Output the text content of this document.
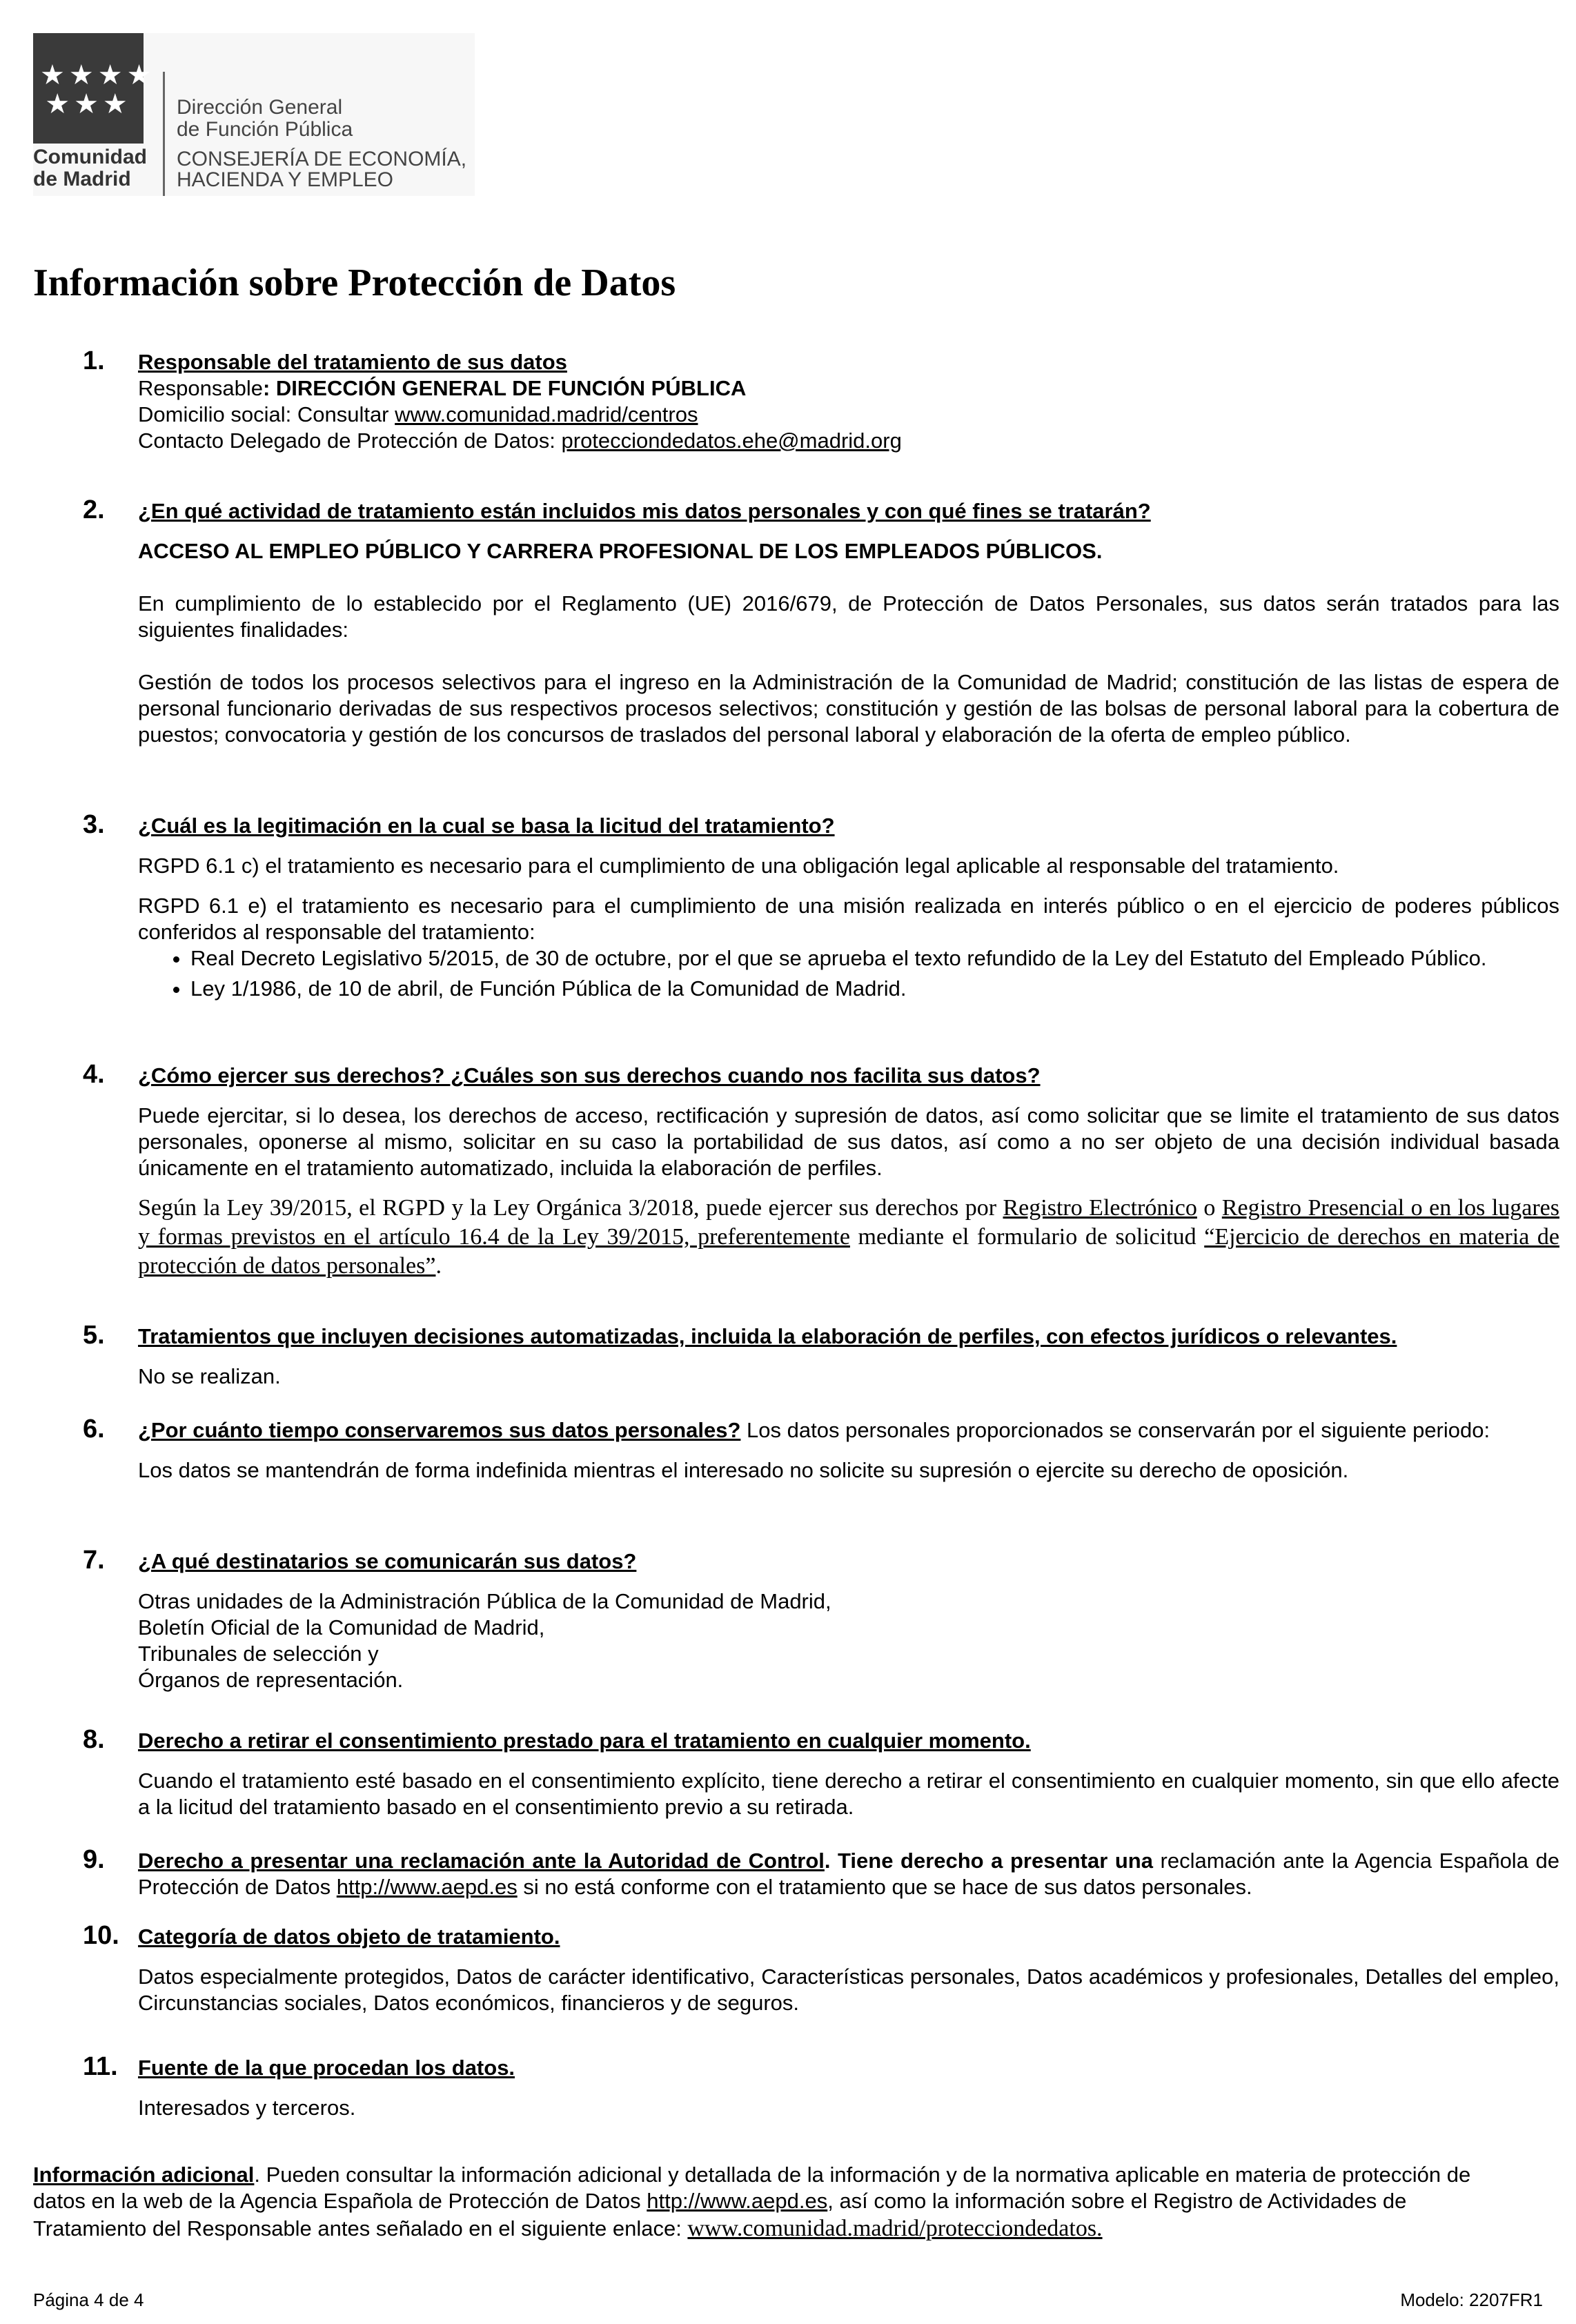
★★★★
★★★
Comunidad
de Madrid
Dirección General
de Función Pública
CONSEJERÍA DE ECONOMÍA,
HACIENDA Y EMPLEO
Información sobre Protección de Datos
1. Responsable del tratamiento de sus datos

Responsable: DIRECCIÓN GENERAL DE FUNCIÓN PÚBLICA

Domicilio social: Consultar www.comunidad.madrid/centros

Contacto Delegado de Protección de Datos: protecciondedatos.ehe@madrid.org

2. ¿En qué actividad de tratamiento están incluidos mis datos personales y con qué fines se tratarán?

ACCESO AL EMPLEO PÚBLICO Y CARRERA PROFESIONAL DE LOS EMPLEADOS PÚBLICOS.

En cumplimiento de lo establecido por el Reglamento (UE) 2016/679, de Protección de Datos Personales, sus datos serán tratados para las siguientes finalidades:

Gestión de todos los procesos selectivos para el ingreso en la Administración de la Comunidad de Madrid; constitución de las listas de espera de personal funcionario derivadas de sus respectivos procesos selectivos; constitución y gestión de las bolsas de personal laboral para la cobertura de puestos; convocatoria y gestión de los concursos de traslados del personal laboral y elaboración de la oferta de empleo público.

3. ¿Cuál es la legitimación en la cual se basa la licitud del tratamiento?

RGPD 6.1 c) el tratamiento es necesario para el cumplimiento de una obligación legal aplicable al responsable del tratamiento.

RGPD 6.1 e) el tratamiento es necesario para el cumplimiento de una misión realizada en interés público o en el ejercicio de poderes públicos conferidos al responsable del tratamiento:

• Real Decreto Legislativo 5/2015, de 30 de octubre, por el que se aprueba el texto refundido de la Ley del Estatuto del Empleado Público.
• Ley 1/1986, de 10 de abril, de Función Pública de la Comunidad de Madrid.
4. ¿Cómo ejercer sus derechos? ¿Cuáles son sus derechos cuando nos facilita sus datos?

Puede ejercitar, si lo desea, los derechos de acceso, rectificación y supresión de datos, así como solicitar que se limite el tratamiento de sus datos personales, oponerse al mismo, solicitar en su caso la portabilidad de sus datos, así como a no ser objeto de una decisión individual basada únicamente en el tratamiento automatizado, incluida la elaboración de perfiles.

Según la Ley 39/2015, el RGPD y la Ley Orgánica 3/2018, puede ejercer sus derechos por Registro Electrónico o Registro Presencial o en los lugares y formas previstos en el artículo 16.4 de la Ley 39/2015, preferentemente mediante el formulario de solicitud “Ejercicio de derechos en materia de protección de datos personales”.

5. Tratamientos que incluyen decisiones automatizadas, incluida la elaboración de perfiles, con efectos jurídicos o relevantes.

No se realizan.

6. ¿Por cuánto tiempo conservaremos sus datos personales? Los datos personales proporcionados se conservarán por el siguiente periodo:

Los datos se mantendrán de forma indefinida mientras el interesado no solicite su supresión o ejercite su derecho de oposición.

7. ¿A qué destinatarios se comunicarán sus datos?

Otras unidades de la Administración Pública de la Comunidad de Madrid,

Boletín Oficial de la Comunidad de Madrid,

Tribunales de selección y

Órganos de representación.

8. Derecho a retirar el consentimiento prestado para el tratamiento en cualquier momento.

Cuando el tratamiento esté basado en el consentimiento explícito, tiene derecho a retirar el consentimiento en cualquier momento, sin que ello afecte a la licitud del tratamiento basado en el consentimiento previo a su retirada.

9. Derecho a presentar una reclamación ante la Autoridad de Control. Tiene derecho a presentar una reclamación ante la Agencia Española de Protección de Datos http://www.aepd.es si no está conforme con el tratamiento que se hace de sus datos personales.

10. Categoría de datos objeto de tratamiento.

Datos especialmente protegidos, Datos de carácter identificativo, Características personales, Datos académicos y profesionales, Detalles del empleo, Circunstancias sociales, Datos económicos, financieros y de seguros.

11. Fuente de la que procedan los datos.

Interesados y terceros.

Información adicional. Pueden consultar la información adicional y detallada de la información y de la normativa aplicable en materia de protección de datos en la web de la Agencia Española de Protección de Datos http://www.aepd.es, así como la información sobre el Registro de Actividades de Tratamiento del Responsable antes señalado en el siguiente enlace: www.comunidad.madrid/protecciondedatos.

Página 4 de 4	Modelo: 2207FR1
